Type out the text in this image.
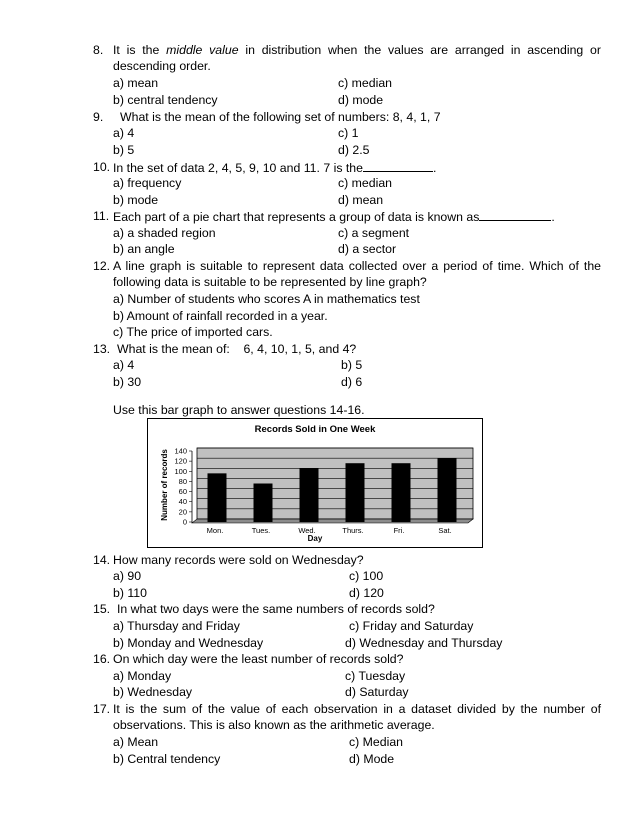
8. It is the middle value in distribution when the values are arranged in ascending or
descending order.
a) mean	c) median
b) central tendency	d) mode
9. What is the mean of the following set of numbers: 8, 4, 1, 7
a) 4	c) 1
b) 5	d) 2.5
10. In the set of data 2, 4, 5, 9, 10 and 11. 7 is the	.
a) frequency	c) median
b) mode	d) mean
11. Each part of a pie chart that represents a group of data is known as	.
a) a shaded region	c) a segment
b) an angle	d) a sector
12. A line graph is suitable to represent data collected over a period of time. Which of the
following data is suitable to be represented by line graph?
a) Number of students who scores A in mathematics test
b) Amount of rainfall recorded in a year.
c) The price of imported cars.
13. What is the mean of:    6, 4, 10, 1, 5, and 4?
a) 4	b) 5
b) 30	d) 6
Use this bar graph to answer questions 14-16.
Records Sold in One Week
Number of records
Day
0
20
40
60
80
100
120
140
Mon.	Tues.	Wed.	Thurs.	Fri.	Sat.
14. How many records were sold on Wednesday?
a) 90	c) 100
b) 110	d) 120
15. In what two days were the same numbers of records sold?
a) Thursday and Friday	c) Friday and Saturday
b) Monday and Wednesday	d) Wednesday and Thursday
16. On which day were the least number of records sold?
a) Monday	c) Tuesday
b) Wednesday	d) Saturday
17. It is the sum of the value of each observation in a dataset divided by the number of
observations. This is also known as the arithmetic average.
a) Mean	c) Median
b) Central tendency	d) Mode
